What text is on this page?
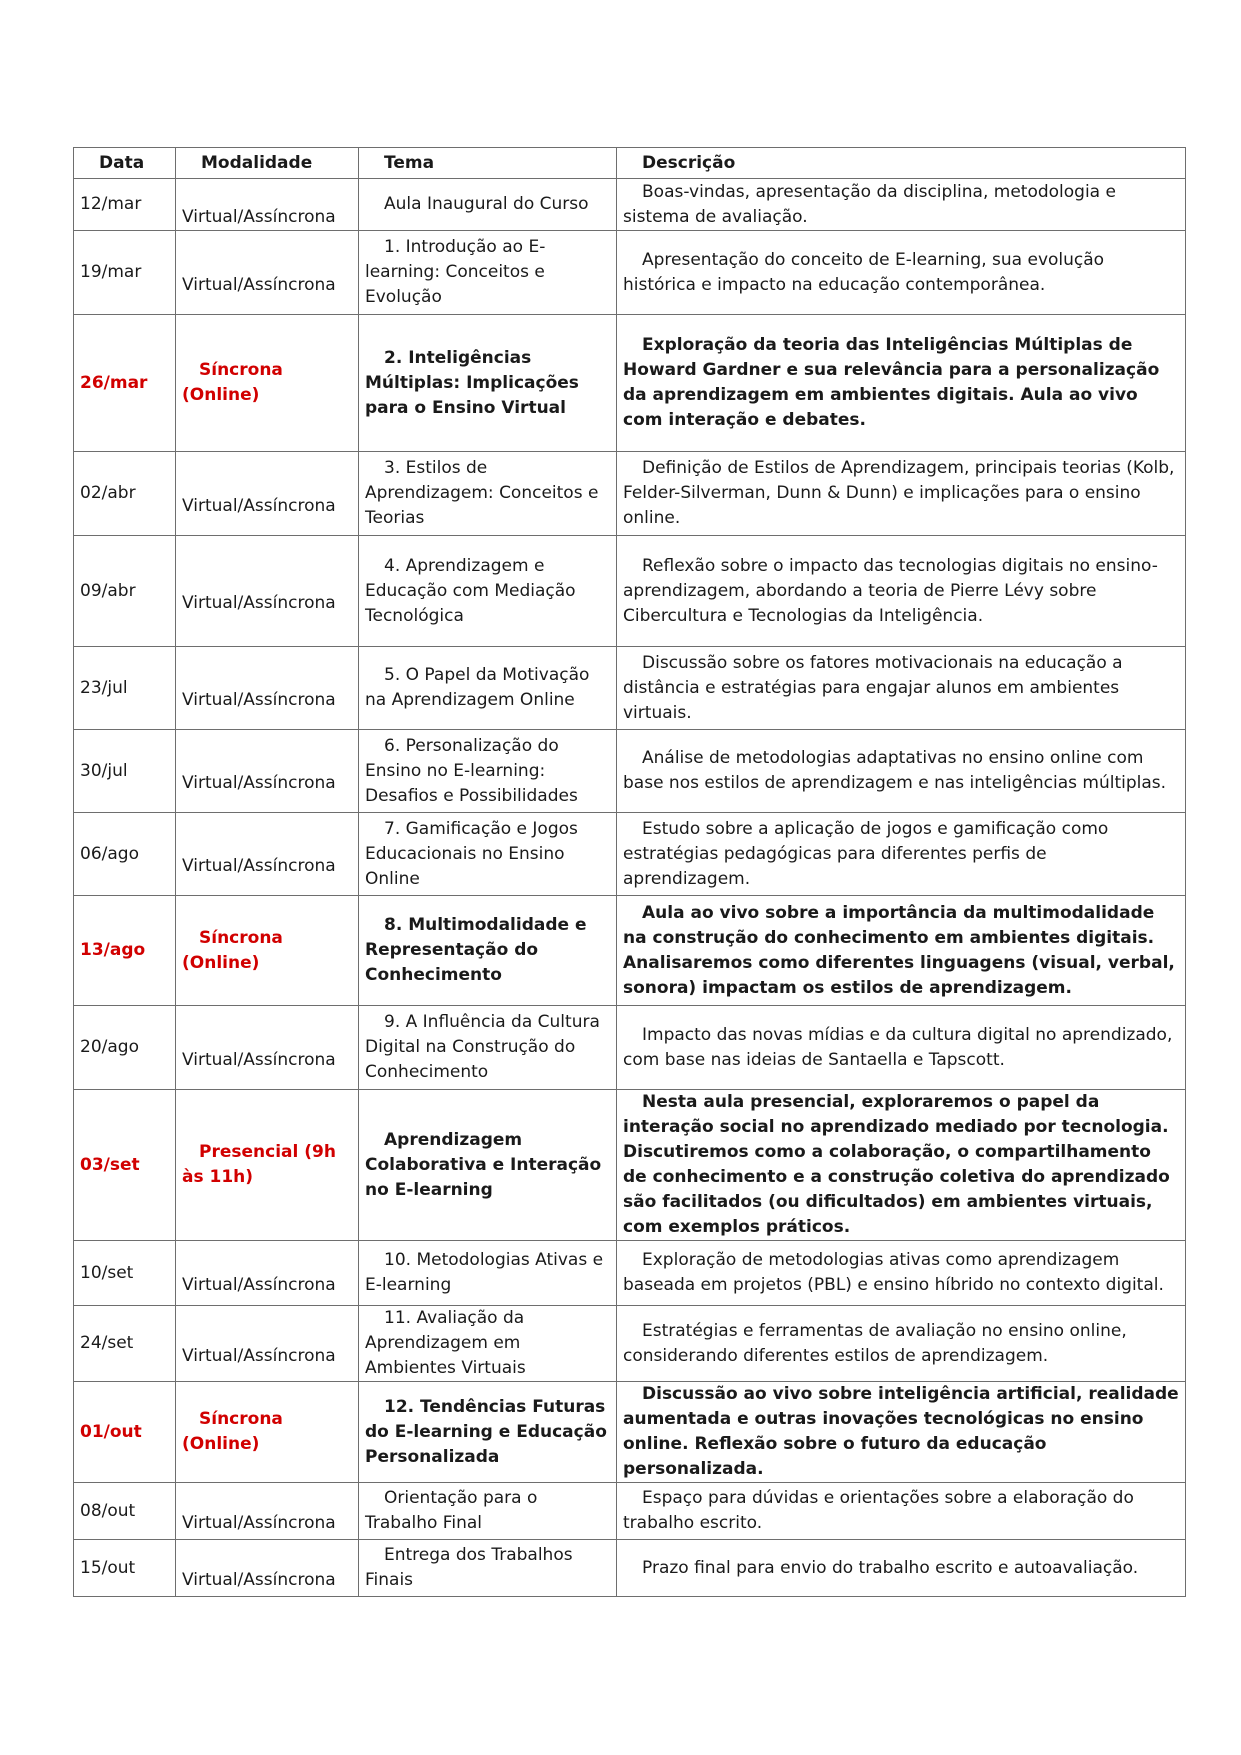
Data	Modalidade	Tema	Descrição
12/mar	Virtual/Assíncrona	Aula Inaugural do Curso	Boas-vindas, apresentação da disciplina, metodologia e sistema de avaliação.
19/mar	Virtual/Assíncrona	1. Introdução ao E-learning: Conceitos e Evolução	Apresentação do conceito de E-learning, sua evolução histórica e impacto na educação contemporânea.
26/mar	Síncrona (Online)	2. Inteligências Múltiplas: Implicações para o Ensino Virtual	Exploração da teoria das Inteligências Múltiplas de Howard Gardner e sua relevância para a personalização da aprendizagem em ambientes digitais. Aula ao vivo com interação e debates.
02/abr	Virtual/Assíncrona	3. Estilos de Aprendizagem: Conceitos e Teorias	Definição de Estilos de Aprendizagem, principais teorias (Kolb, Felder-Silverman, Dunn & Dunn) e implicações para o ensino online.
09/abr	Virtual/Assíncrona	4. Aprendizagem e Educação com Mediação Tecnológica	Reflexão sobre o impacto das tecnologias digitais no ensino-aprendizagem, abordando a teoria de Pierre Lévy sobre Cibercultura e Tecnologias da Inteligência.
23/jul	Virtual/Assíncrona	5. O Papel da Motivação na Aprendizagem Online	Discussão sobre os fatores motivacionais na educação a distância e estratégias para engajar alunos em ambientes virtuais.
30/jul	Virtual/Assíncrona	6. Personalização do Ensino no E-learning: Desafios e Possibilidades	Análise de metodologias adaptativas no ensino online com base nos estilos de aprendizagem e nas inteligências múltiplas.
06/ago	Virtual/Assíncrona	7. Gamificação e Jogos Educacionais no Ensino Online	Estudo sobre a aplicação de jogos e gamificação como estratégias pedagógicas para diferentes perfis de aprendizagem.
13/ago	Síncrona (Online)	8. Multimodalidade e Representação do Conhecimento	Aula ao vivo sobre a importância da multimodalidade na construção do conhecimento em ambientes digitais. Analisaremos como diferentes linguagens (visual, verbal, sonora) impactam os estilos de aprendizagem.
20/ago	Virtual/Assíncrona	9. A Influência da Cultura Digital na Construção do Conhecimento	Impacto das novas mídias e da cultura digital no aprendizado, com base nas ideias de Santaella e Tapscott.
03/set	Presencial (9h às 11h)	Aprendizagem Colaborativa e Interação no E-learning	Nesta aula presencial, exploraremos o papel da interação social no aprendizado mediado por tecnologia. Discutiremos como a colaboração, o compartilhamento de conhecimento e a construção coletiva do aprendizado são facilitados (ou dificultados) em ambientes virtuais, com exemplos práticos.
10/set	Virtual/Assíncrona	10. Metodologias Ativas e E-learning	Exploração de metodologias ativas como aprendizagem baseada em projetos (PBL) e ensino híbrido no contexto digital.
24/set	Virtual/Assíncrona	11. Avaliação da Aprendizagem em Ambientes Virtuais	Estratégias e ferramentas de avaliação no ensino online, considerando diferentes estilos de aprendizagem.
01/out	Síncrona (Online)	12. Tendências Futuras do E-learning e Educação Personalizada	Discussão ao vivo sobre inteligência artificial, realidade aumentada e outras inovações tecnológicas no ensino online. Reflexão sobre o futuro da educação personalizada.
08/out	Virtual/Assíncrona	Orientação para o Trabalho Final	Espaço para dúvidas e orientações sobre a elaboração do trabalho escrito.
15/out	Virtual/Assíncrona	Entrega dos Trabalhos Finais	Prazo final para envio do trabalho escrito e autoavaliação.
